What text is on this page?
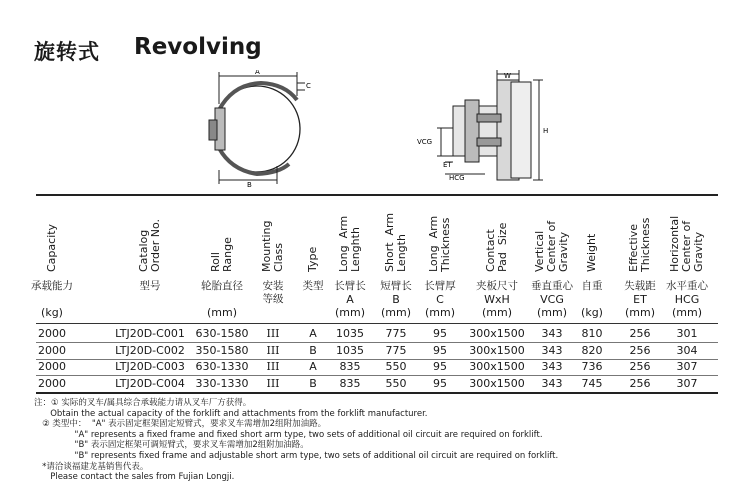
旋转式 Revolving
A
B
C
W
H
VCG
ET
HCG
Capacity
承载能力
(kg)
Catalog
Order No.
型号
Roll
Range
轮胎直径
(mm)
Mounting
Class
安装
等级
Type
类型
Long  Arm
Lenghth
长臂长
A
(mm)
Short  Arm
Length
短臂长
B
(mm)
Long  Arm
Thickness
长臂厚
C
(mm)
Contact
Pad  Size
夹板尺寸
WxH
(mm)
Vertical
Center of
Gravity
垂直重心
VCG
(mm)
Weight
自重
(kg)
Effective
Thickness
失载距
ET
(mm)
Horizontal
Center of
Gravity
水平重心
HCG
(mm)
2000	LTJ20D-C001 630-1580	III	A	1035	775	95	300x1500	343	810	256	301
2000	LTJ20D-C002 350-1580	III	B	1035	775	95	300x1500	343	820	256	304
2000	LTJ20D-C003 630-1330	III	A	835	550	95	300x1500	343	736	256	307
2000	LTJ20D-C004 330-1330	III	B	835	550	95	300x1500	343	745	256	307
注：① 实际的叉车/属具综合承载能力请从叉车厂方获得。
Obtain the actual capacity of the forklift and attachments from the forklift manufacturer.
② 类型中：  "A" 表示固定框架固定短臂式，要求叉车需增加2组附加油路。
"A" represents a fixed frame and fixed short arm type, two sets of additional oil circuit are required on forklift.
"B" 表示固定框架可调短臂式，要求叉车需增加2组附加油路。
"B" represents fixed frame and adjustable short arm type, two sets of additional oil circuit are required on forklift.
*请洽谈福建龙基销售代表。
Please contact the sales from Fujian Longji.
